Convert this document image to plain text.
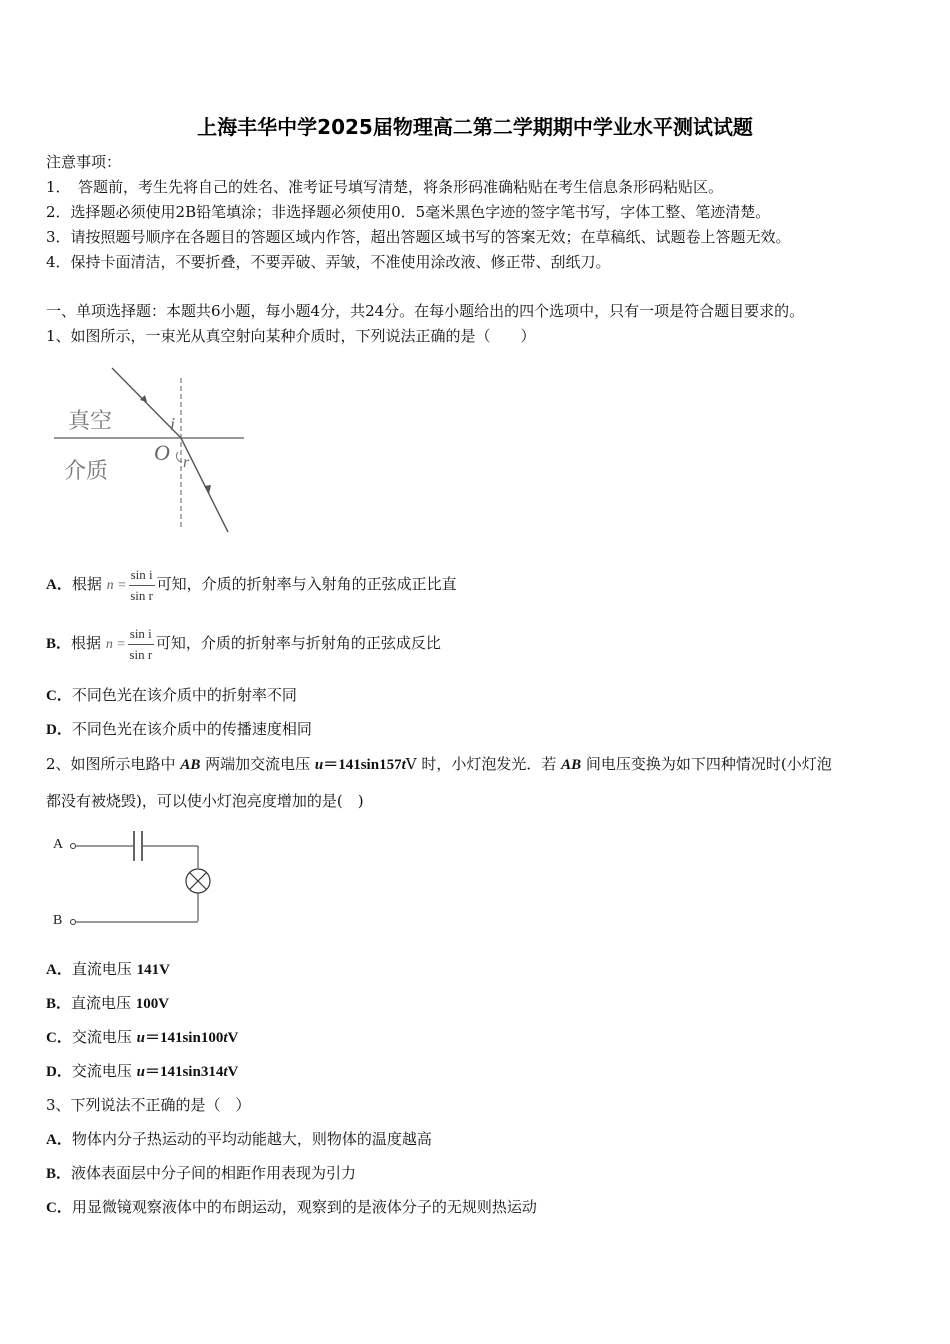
上海丰华中学2025届物理高二第二学期期中学业水平测试试题
注意事项：
1．　答题前，考生先将自己的姓名、准考证号填写清楚，将条形码准确粘贴在考生信息条形码粘贴区。
2．选择题必须使用2B铅笔填涂；非选择题必须使用0．5毫米黑色字迹的签字笔书写，字体工整、笔迹清楚。
3．请按照题号顺序在各题目的答题区域内作答，超出答题区域书写的答案无效；在草稿纸、试题卷上答题无效。
4．保持卡面清洁，不要折叠，不要弄破、弄皱，不准使用涂改液、修正带、刮纸刀。
一、单项选择题：本题共6小题，每小题4分，共24分。在每小题给出的四个选项中，只有一项是符合题目要求的。
1、如图所示，一束光从真空射向某种介质时，下列说法正确的是（　　）
真空
介质
O
i
r
A．根据 $n = \frac{\text{sin i}}{\text{sin r}}$ 可知，介质的折射率与入射角的正弦成正比直
B．根据 $n = \frac{\text{sin i}}{\text{sin r}}$ 可知，介质的折射率与折射角的正弦成反比
C．不同色光在该介质中的折射率不同
D．不同色光在该介质中的传播速度相同
2、如图所示电路中 AB 两端加交流电压 u＝141sin157tV 时，小灯泡发光．若 AB 间电压变换为如下四种情况时(小灯泡
都没有被烧毁)，可以使小灯泡亮度增加的是(　)
A
B
A．直流电压 141V
B．直流电压 100V
C．交流电压 u＝141sin100tV
D．交流电压 u＝141sin314tV
3、下列说法不正确的是（　）
A．物体内分子热运动的平均动能越大，则物体的温度越高
B．液体表面层中分子间的相距作用表现为引力
C．用显微镜观察液体中的布朗运动，观察到的是液体分子的无规则热运动
